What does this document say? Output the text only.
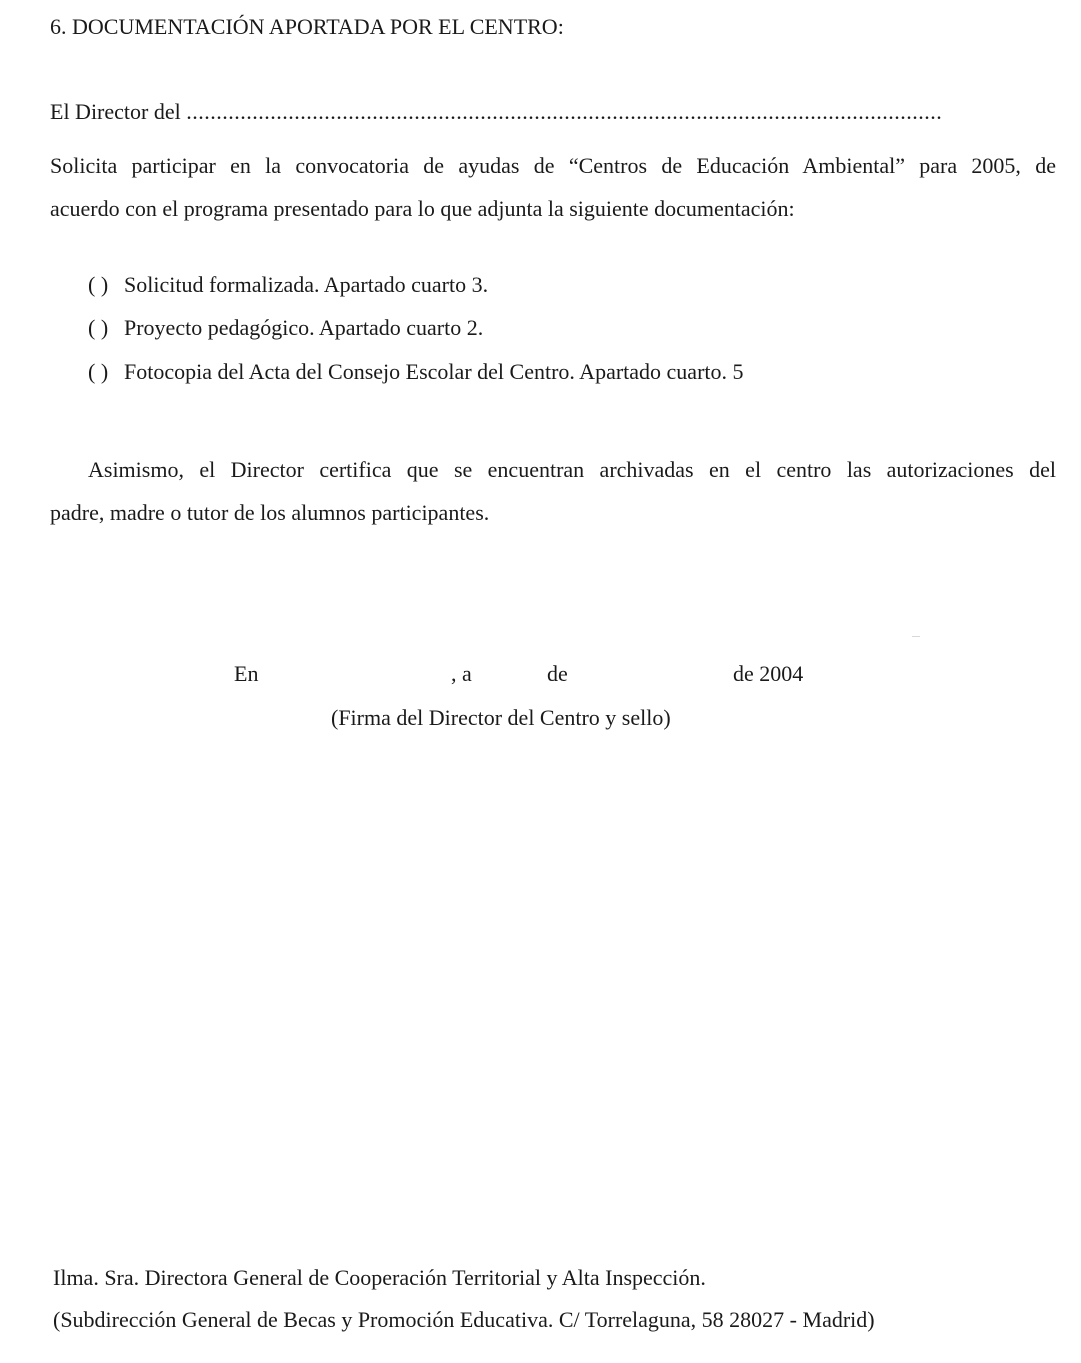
6. DOCUMENTACIÓN APORTADA POR EL CENTRO:
El Director del ..............................................................................................................................
Solicita participar en la convocatoria de ayudas de “Centros de Educación Ambiental” para 2005, de
acuerdo con el programa presentado para lo que adjunta la siguiente documentación:
( ) Solicitud formalizada. Apartado cuarto 3.
( ) Proyecto pedagógico. Apartado cuarto 2.
( ) Fotocopia del Acta del Consejo Escolar del Centro. Apartado cuarto. 5
Asimismo, el Director certifica que se encuentran archivadas en el centro las autorizaciones del
padre, madre o tutor de los alumnos participantes.
En	, a	de	de 2004
(Firma del Director del Centro y sello)
Ilma. Sra. Directora General de Cooperación Territorial y Alta Inspección.
(Subdirección General de Becas y Promoción Educativa. C/ Torrelaguna, 58 28027 - Madrid)
